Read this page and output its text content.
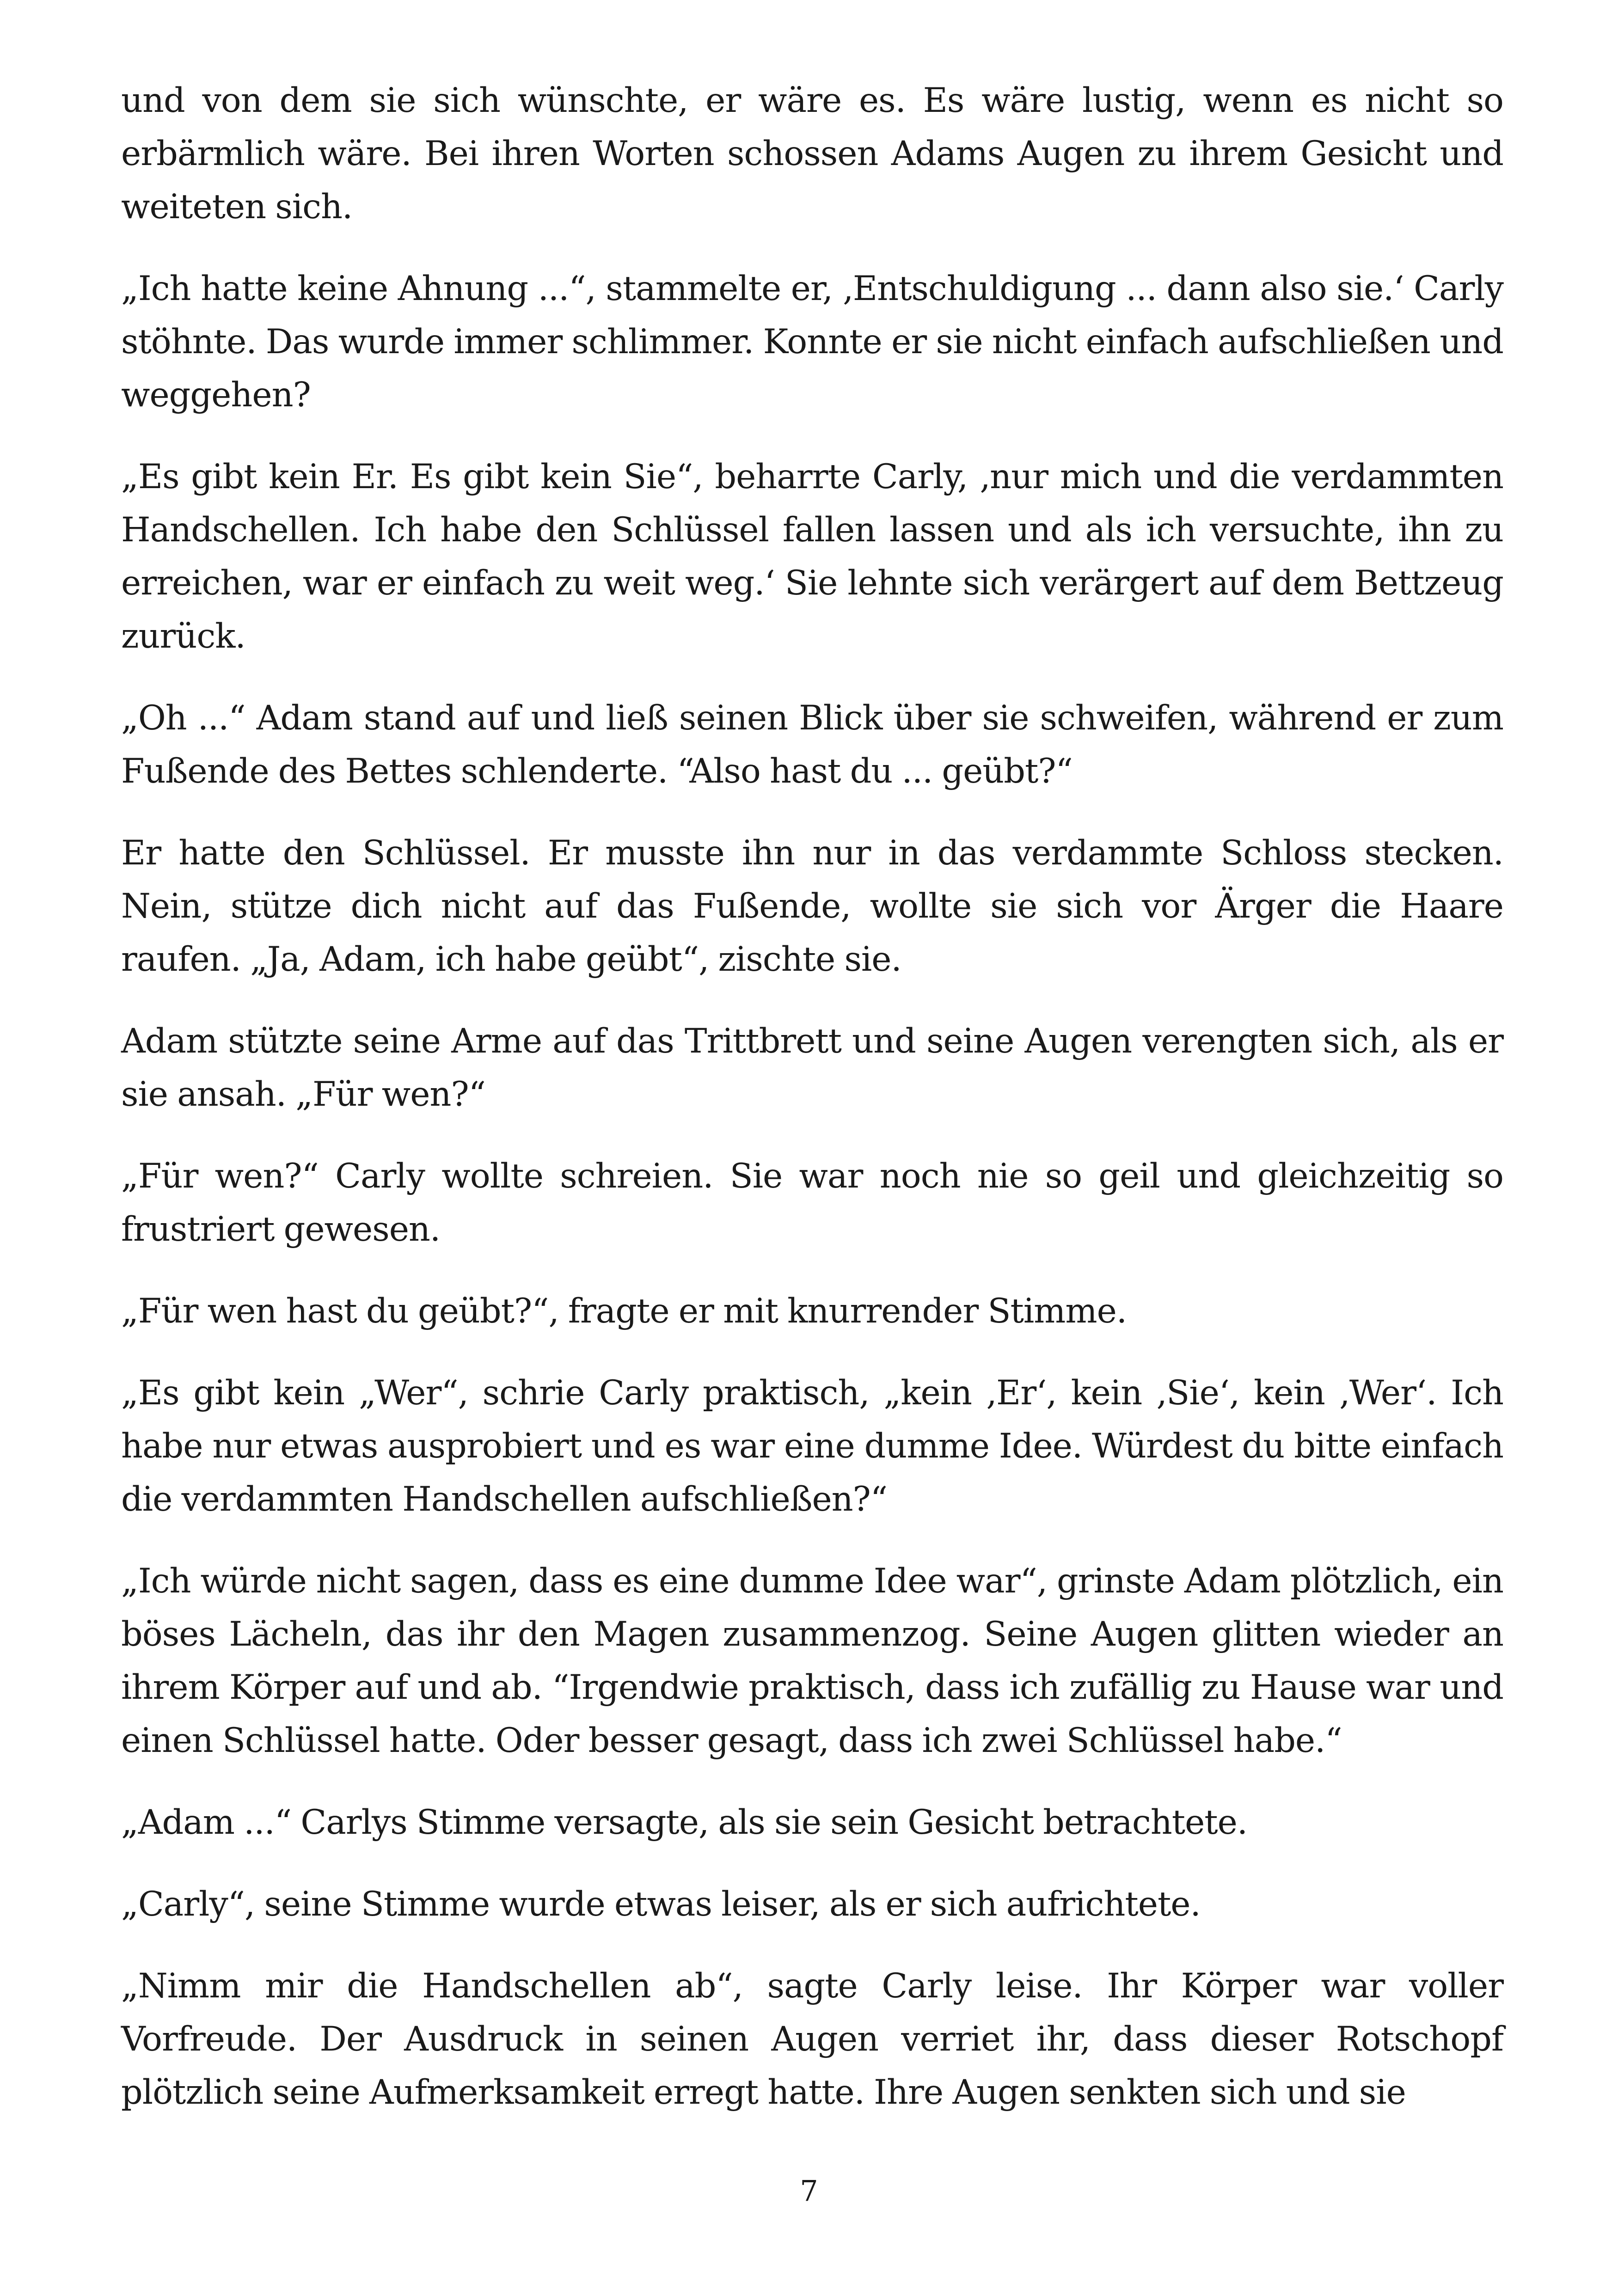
und von dem sie sich wünschte, er wäre es. Es wäre lustig, wenn es nicht so erbärmlich wäre. Bei ihren Worten schossen Adams Augen zu ihrem Gesicht und weiteten sich.

„Ich hatte keine Ahnung ...“, stammelte er, ‚Entschuldigung ... dann also sie.‘ Carly stöhnte. Das wurde immer schlimmer. Konnte er sie nicht einfach aufschließen und weggehen?

„Es gibt kein Er. Es gibt kein Sie“, beharrte Carly, ‚nur mich und die verdammten Handschellen. Ich habe den Schlüssel fallen lassen und als ich versuchte, ihn zu erreichen, war er einfach zu weit weg.‘ Sie lehnte sich verärgert auf dem Bettzeug zurück.

„Oh ...“ Adam stand auf und ließ seinen Blick über sie schweifen, während er zum Fußende des Bettes schlenderte. “Also hast du ... geübt?“

Er hatte den Schlüssel. Er musste ihn nur in das verdammte Schloss stecken. Nein, stütze dich nicht auf das Fußende, wollte sie sich vor Ärger die Haare raufen. „Ja, Adam, ich habe geübt“, zischte sie.

Adam stützte seine Arme auf das Trittbrett und seine Augen verengten sich, als er sie ansah. „Für wen?“

„Für wen?“ Carly wollte schreien. Sie war noch nie so geil und gleichzeitig so frustriert gewesen.

„Für wen hast du geübt?“, fragte er mit knurrender Stimme.

„Es gibt kein „Wer“, schrie Carly praktisch, „kein ‚Er‘, kein ‚Sie‘, kein ‚Wer‘. Ich habe nur etwas ausprobiert und es war eine dumme Idee. Würdest du bitte einfach die verdammten Handschellen aufschließen?“

„Ich würde nicht sagen, dass es eine dumme Idee war“, grinste Adam plötzlich, ein böses Lächeln, das ihr den Magen zusammenzog. Seine Augen glitten wieder an ihrem Körper auf und ab. “Irgendwie praktisch, dass ich zufällig zu Hause war und einen Schlüssel hatte. Oder besser gesagt, dass ich zwei Schlüssel habe.“

„Adam ...“ Carlys Stimme versagte, als sie sein Gesicht betrachtete.

„Carly“, seine Stimme wurde etwas leiser, als er sich aufrichtete.

„Nimm mir die Handschellen ab“, sagte Carly leise. Ihr Körper war voller Vorfreude. Der Ausdruck in seinen Augen verriet ihr, dass dieser Rotschopf plötzlich seine Aufmerksamkeit erregt hatte. Ihre Augen senkten sich und sie

7
